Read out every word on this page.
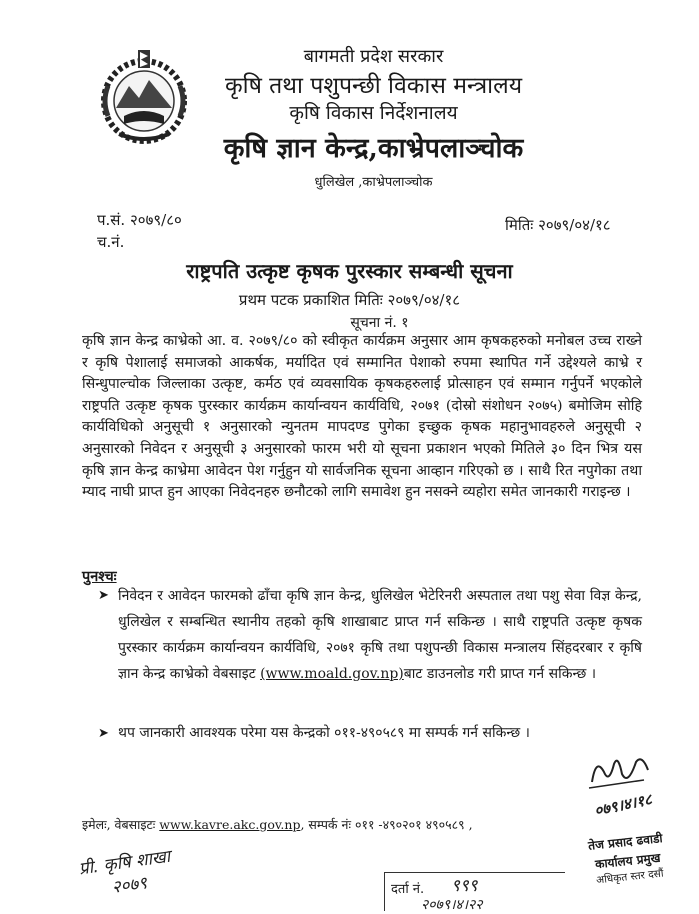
बागमती प्रदेश सरकार
कृषि तथा पशुपन्छी विकास मन्त्रालय
कृषि विकास निर्देशनालय
कृषि ज्ञान केन्द्र,काभ्रेपलाञ्चोक
धुलिखेल ,काभ्रेपलाञ्चोक
प.सं. २०७९/८०
च.नं.
मितिः २०७९/०४/१८
राष्ट्रपति उत्कृष्ट कृषक पुरस्कार सम्बन्धी सूचना
प्रथम पटक प्रकाशित मितिः २०७९/०४/१८
सूचना नं. १
कृषि ज्ञान केन्द्र काभ्रेको आ. व. २०७९/८० को स्वीकृत कार्यक्रम अनुसार आम कृषकहरुको मनोबल उच्च राख्ने र कृषि पेशालाई समाजको आकर्षक, मर्यादित एवं सम्मानित पेशाको रुपमा स्थापित गर्ने उद्देश्यले काभ्रे र सिन्धुपाल्चोक जिल्लाका उत्कृष्ट, कर्मठ एवं व्यवसायिक कृषकहरुलाई प्रोत्साहन एवं सम्मान गर्नुपर्ने भएकोले राष्ट्रपति उत्कृष्ट कृषक पुरस्कार कार्यक्रम कार्यान्वयन कार्यविधि, २०७१ (दोस्रो संशोधन २०७५) बमोजिम सोहि कार्यविधिको अनुसूची १ अनुसारको न्युनतम मापदण्ड पुगेका इच्छुक कृषक महानुभावहरुले अनुसूची २ अनुसारको निवेदन र अनुसूची ३ अनुसारको फारम भरी यो सूचना प्रकाशन भएको मितिले ३० दिन भित्र यस कृषि ज्ञान केन्द्र काभ्रेमा आवेदन पेश गर्नुहुन यो सार्वजनिक सूचना आव्हान गरिएको छ । साथै रित नपुगेका तथा म्याद नाघी प्राप्त हुन आएका निवेदनहरु छनौटको लागि समावेश हुन नसक्ने व्यहोरा समेत जानकारी गराइन्छ ।
पुनश्चः
➤ निवेदन र आवेदन फारमको ढाँचा कृषि ज्ञान केन्द्र, धुलिखेल भेटेरिनरी अस्पताल तथा पशु सेवा विज्ञ केन्द्र, धुलिखेल र सम्बन्धित स्थानीय तहको कृषि शाखाबाट प्राप्त गर्न सकिन्छ । साथै राष्ट्रपति उत्कृष्ट कृषक पुरस्कार कार्यक्रम कार्यान्वयन कार्यविधि, २०७१ कृषि तथा पशुपन्छी विकास मन्त्रालय सिंहदरबार र कृषि ज्ञान केन्द्र काभ्रेको वेबसाइट (www.moald.gov.np)बाट डाउनलोड गरी प्राप्त गर्न सकिन्छ ।
➤ थप जानकारी आवश्यक परेमा यस केन्द्रको ०११-४९०५८९ मा सम्पर्क गर्न सकिन्छ ।
इमेलः, वेबसाइटः www.kavre.akc.gov.np, सम्पर्क नंः ०११ -४९०२०१ ४९०५८९ ,
०७९।४।१८
तेज प्रसाद ढवाडी
कार्यालय प्रमुख
अधिकृत स्तर दसौं
दर्ता नं. ९९९
२०७९।४।२२
प्री. कृषि शाखा
२०७९
